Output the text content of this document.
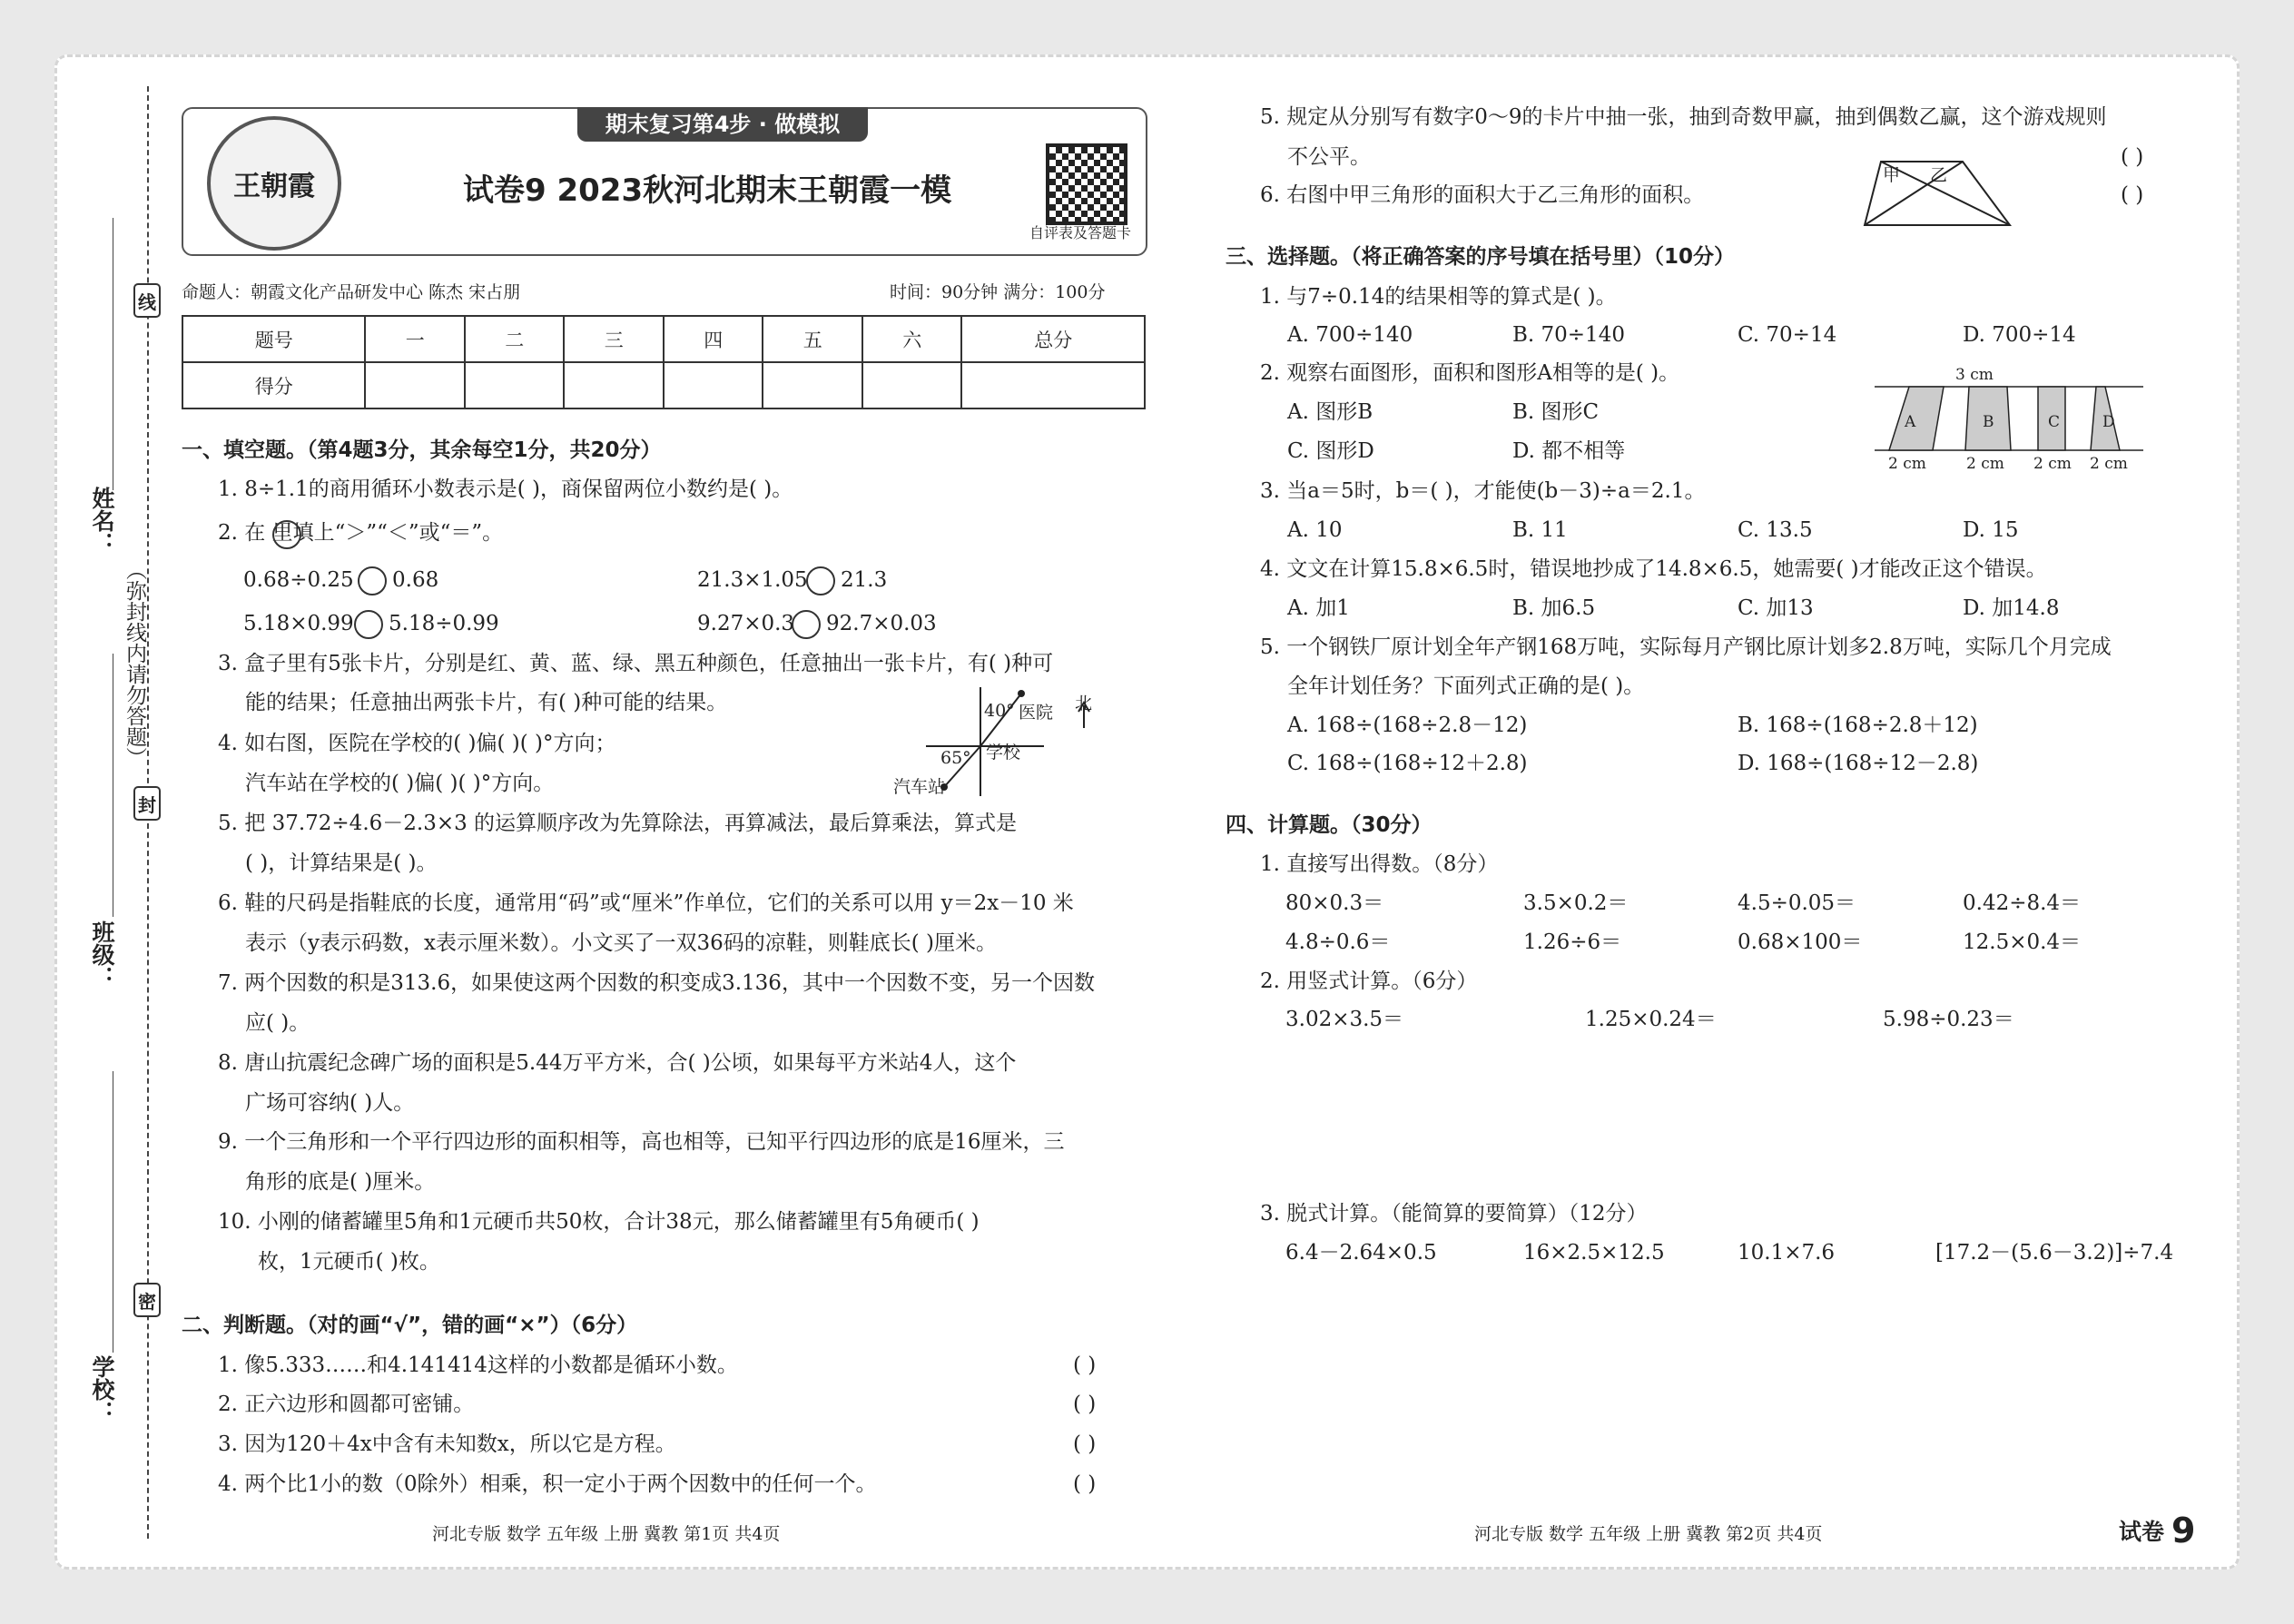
线
封
密
（弥封线内请勿答题）
姓名：
班级：
学校：
王朝霞
期末复习第4步 · 做模拟
试卷9 2023秋河北期末王朝霞一模
自评表及答题卡
命题人：朝霞文化产品研发中心 陈杰 宋占朋	时间：90分钟 满分：100分
题号	一	二	三	四	五	六	总分
得分							
一、填空题。（第4题3分，其余每空1分，共20分）
1. 8÷1.1的商用循环小数表示是( )，商保留两位小数约是( )。
2. 在 里填上“＞”“＜”或“＝”。
0.68÷0.25 0.68	21.3×1.05 21.3
5.18×0.99 5.18÷0.99	9.27×0.3 92.7×0.03
3. 盒子里有5张卡片，分别是红、黄、蓝、绿、黑五种颜色，任意抽出一张卡片，有( )种可
能的结果；任意抽出两张卡片，有( )种可能的结果。
4. 如右图，医院在学校的( )偏( )( )°方向；
汽车站在学校的( )偏( )( )°方向。
40° 医院 北
65° 学校
汽车站
5. 把 37.72÷4.6－2.3×3 的运算顺序改为先算除法，再算减法，最后算乘法，算式是
( )，计算结果是( )。
6. 鞋的尺码是指鞋底的长度，通常用“码”或“厘米”作单位，它们的关系可以用 y＝2x－10 米
表示（y表示码数，x表示厘米数）。小文买了一双36码的凉鞋，则鞋底长( )厘米。
7. 两个因数的积是313.6，如果使这两个因数的积变成3.136，其中一个因数不变，另一个因数
应( )。
8. 唐山抗震纪念碑广场的面积是5.44万平方米，合( )公顷，如果每平方米站4人，这个
广场可容纳( )人。
9. 一个三角形和一个平行四边形的面积相等，高也相等，已知平行四边形的底是16厘米，三
角形的底是( )厘米。
10. 小刚的储蓄罐里5角和1元硬币共50枚，合计38元，那么储蓄罐里有5角硬币( )
枚，1元硬币( )枚。
二、判断题。（对的画“√”，错的画“×”）（6分）
1. 像5.333……和4.141414这样的小数都是循环小数。	( )
2. 正六边形和圆都可密铺。	( )
3. 因为120＋4x中含有未知数x，所以它是方程。	( )
4. 两个比1小的数（0除外）相乘，积一定小于两个因数中的任何一个。	( )
河北专版 数学 五年级 上册 冀教 第1页 共4页
5. 规定从分别写有数字0～9的卡片中抽一张，抽到奇数甲赢，抽到偶数乙赢，这个游戏规则
不公平。	( )
6. 右图中甲三角形的面积大于乙三角形的面积。	( )
甲 乙
三、选择题。（将正确答案的序号填在括号里）（10分）
1. 与7÷0.14的结果相等的算式是( )。
A. 700÷140	B. 70÷140	C. 70÷14	D. 700÷14
2. 观察右面图形，面积和图形A相等的是( )。
A. 图形B	B. 图形C
C. 图形D	D. 都不相等
3 cm
A	B	C	D
2 cm	2 cm 2 cm 2 cm
3. 当a＝5时，b＝( )，才能使(b－3)÷a＝2.1。
A. 10	B. 11	C. 13.5	D. 15
4. 文文在计算15.8×6.5时，错误地抄成了14.8×6.5，她需要( )才能改正这个错误。
A. 加1	B. 加6.5	C. 加13	D. 加14.8
5. 一个钢铁厂原计划全年产钢168万吨，实际每月产钢比原计划多2.8万吨，实际几个月完成
全年计划任务？下面列式正确的是( )。
A. 168÷(168÷2.8－12)	B. 168÷(168÷2.8＋12)
C. 168÷(168÷12＋2.8)	D. 168÷(168÷12－2.8)
四、计算题。（30分）
1. 直接写出得数。（8分）
80×0.3＝	3.5×0.2＝	4.5÷0.05＝	0.42÷8.4＝
4.8÷0.6＝	1.26÷6＝	0.68×100＝	12.5×0.4＝
2. 用竖式计算。（6分）
3.02×3.5＝	1.25×0.24＝	5.98÷0.23＝
3. 脱式计算。（能简算的要简算）（12分）
6.4－2.64×0.5	16×2.5×12.5	10.1×7.6	[17.2－(5.6－3.2)]÷7.4
河北专版 数学 五年级 上册 冀教 第2页 共4页	试卷 9
